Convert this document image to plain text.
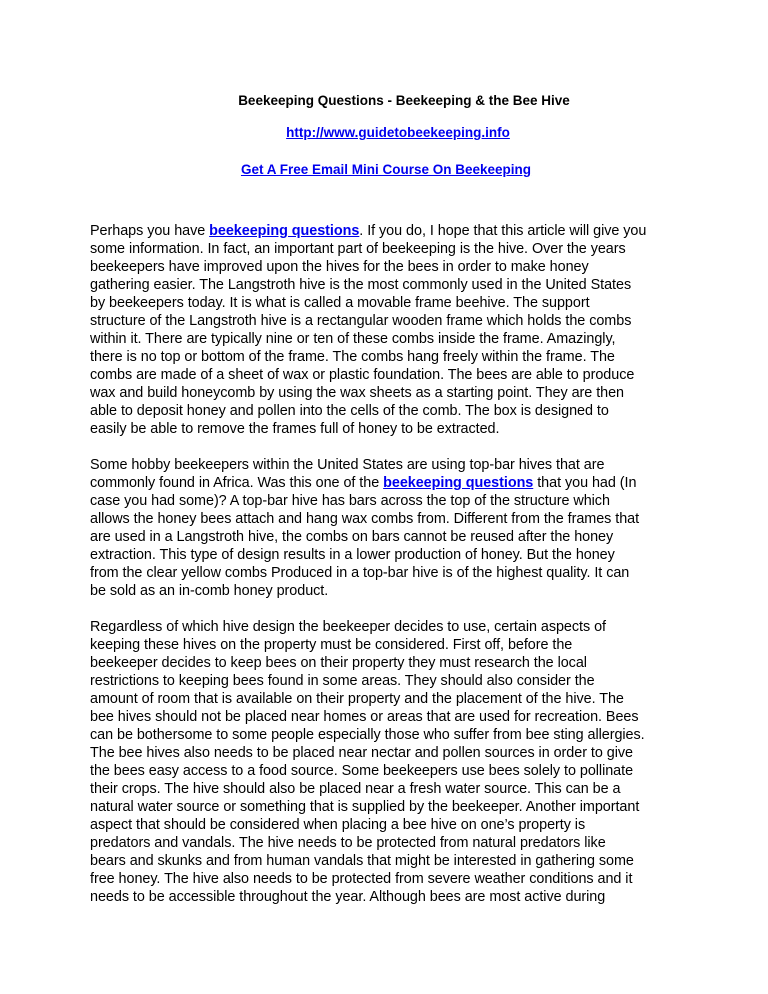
Beekeeping Questions - Beekeeping & the Bee Hive
http://www.guidetobeekeeping.info
Get A Free Email Mini Course On Beekeeping
Perhaps you have beekeeping questions. If you do, I hope that this article will give you
some information. In fact, an important part of beekeeping is the hive. Over the years
beekeepers have improved upon the hives for the bees in order to make honey
gathering easier. The Langstroth hive is the most commonly used in the United States
by beekeepers today. It is what is called a movable frame beehive. The support
structure of the Langstroth hive is a rectangular wooden frame which holds the combs
within it. There are typically nine or ten of these combs inside the frame. Amazingly,
there is no top or bottom of the frame. The combs hang freely within the frame. The
combs are made of a sheet of wax or plastic foundation. The bees are able to produce
wax and build honeycomb by using the wax sheets as a starting point. They are then
able to deposit honey and pollen into the cells of the comb. The box is designed to
easily be able to remove the frames full of honey to be extracted.
Some hobby beekeepers within the United States are using top-bar hives that are
commonly found in Africa. Was this one of the beekeeping questions that you had (In
case you had some)? A top-bar hive has bars across the top of the structure which
allows the honey bees attach and hang wax combs from. Different from the frames that
are used in a Langstroth hive, the combs on bars cannot be reused after the honey
extraction. This type of design results in a lower production of honey. But the honey
from the clear yellow combs Produced in a top-bar hive is of the highest quality. It can
be sold as an in-comb honey product.
Regardless of which hive design the beekeeper decides to use, certain aspects of
keeping these hives on the property must be considered. First off, before the
beekeeper decides to keep bees on their property they must research the local
restrictions to keeping bees found in some areas. They should also consider the
amount of room that is available on their property and the placement of the hive. The
bee hives should not be placed near homes or areas that are used for recreation. Bees
can be bothersome to some people especially those who suffer from bee sting allergies.
The bee hives also needs to be placed near nectar and pollen sources in order to give
the bees easy access to a food source. Some beekeepers use bees solely to pollinate
their crops. The hive should also be placed near a fresh water source. This can be a
natural water source or something that is supplied by the beekeeper. Another important
aspect that should be considered when placing a bee hive on one’s property is
predators and vandals. The hive needs to be protected from natural predators like
bears and skunks and from human vandals that might be interested in gathering some
free honey. The hive also needs to be protected from severe weather conditions and it
needs to be accessible throughout the year. Although bees are most active during
